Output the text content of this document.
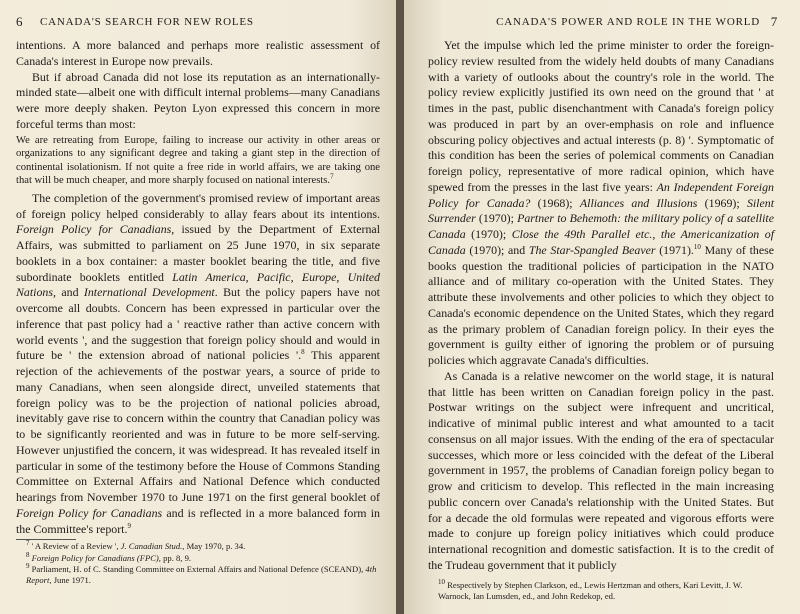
6 CANADA'S SEARCH FOR NEW ROLES

intentions. A more balanced and perhaps more realistic assessment of Canada's interest in Europe now prevails.

But if abroad Canada did not lose its reputation as an internationally-minded state—albeit one with difficult internal problems—many Canadians were more deeply shaken. Peyton Lyon expressed this concern in more forceful terms than most:

We are retreating from Europe, failing to increase our activity in other areas or organizations to any significant degree and taking a giant step in the direction of continental isolationism. If not quite a free ride in world affairs, we are taking one that will be much cheaper, and more sharply focused on national interests.$^7$

The completion of the government's promised review of important areas of foreign policy helped considerably to allay fears about its intentions. Foreign Policy for Canadians, issued by the Department of External Affairs, was submitted to parliament on 25 June 1970, in six separate booklets in a box container: a master booklet bearing the title, and five subordinate booklets entitled Latin America, Pacific, Europe, United Nations, and International Development. But the policy papers have not overcome all doubts. Concern has been expressed in particular over the inference that past policy had a ' reactive rather than active concern with world events ', and the suggestion that foreign policy should and would in future be ' the extension abroad of national policies '.$^8$ This apparent rejection of the achievements of the postwar years, a source of pride to many Canadians, when seen alongside direct, unveiled statements that foreign policy was to be the projection of national policies abroad, inevitably gave rise to concern within the country that Canadian policy was to be significantly reoriented and was in future to be more self-serving. However unjustified the concern, it was widespread. It has revealed itself in particular in some of the testimony before the House of Commons Standing Committee on External Affairs and National Defence which conducted hearings from November 1970 to June 1971 on the first general booklet of Foreign Policy for Canadians and is reflected in a more balanced form in the Committee's report.$^9$

$^7$ ' A Review of a Review ', J. Canadian Stud., May 1970, p. 34.

$^8$ Foreign Policy for Canadians (FPC), pp. 8, 9.

$^9$ Parliament, H. of C. Standing Committee on External Affairs and National Defence (SCEAND), 4th Report, June 1971.

CANADA'S POWER AND ROLE IN THE WORLD 7

Yet the impulse which led the prime minister to order the foreign-policy review resulted from the widely held doubts of many Canadians with a variety of outlooks about the country's role in the world. The policy review explicitly justified its own need on the ground that ' at times in the past, public disenchantment with Canada's foreign policy was produced in part by an over-emphasis on role and influence obscuring policy objectives and actual interests (p. 8) '. Symptomatic of this condition has been the series of polemical comments on Canadian foreign policy, representative of more radical opinion, which have spewed from the presses in the last five years: An Independent Foreign Policy for Canada? (1968); Alliances and Illusions (1969); Silent Surrender (1970); Partner to Behemoth: the military policy of a satellite Canada (1970); Close the 49th Parallel etc., the Americanization of Canada (1970); and The Star-Spangled Beaver (1971).$^{10}$ Many of these books question the traditional policies of participation in the NATO alliance and of military co-operation with the United States. They attribute these involvements and other policies to which they object to Canada's economic dependence on the United States, which they regard as the primary problem of Canadian foreign policy. In their eyes the government is guilty either of ignoring the problem or of pursuing policies which aggravate Canada's difficulties.

As Canada is a relative newcomer on the world stage, it is natural that little has been written on Canadian foreign policy in the past. Postwar writings on the subject were infrequent and uncritical, indicative of minimal public interest and what amounted to a tacit consensus on all major issues. With the ending of the era of spectacular successes, which more or less coincided with the defeat of the Liberal government in 1957, the problems of Canadian foreign policy began to grow and criticism to develop. This reflected in the main increasing public concern over Canada's relationship with the United States. But for a decade the old formulas were repeated and vigorous efforts were made to conjure up foreign policy initiatives which could produce international recognition and domestic satisfaction. It is to the credit of the Trudeau government that it publicly

$^{10}$ Respectively by Stephen Clarkson, ed., Lewis Hertzman and others, Kari Levitt, J. W. Warnock, Ian Lumsden, ed., and John Redekop, ed.
